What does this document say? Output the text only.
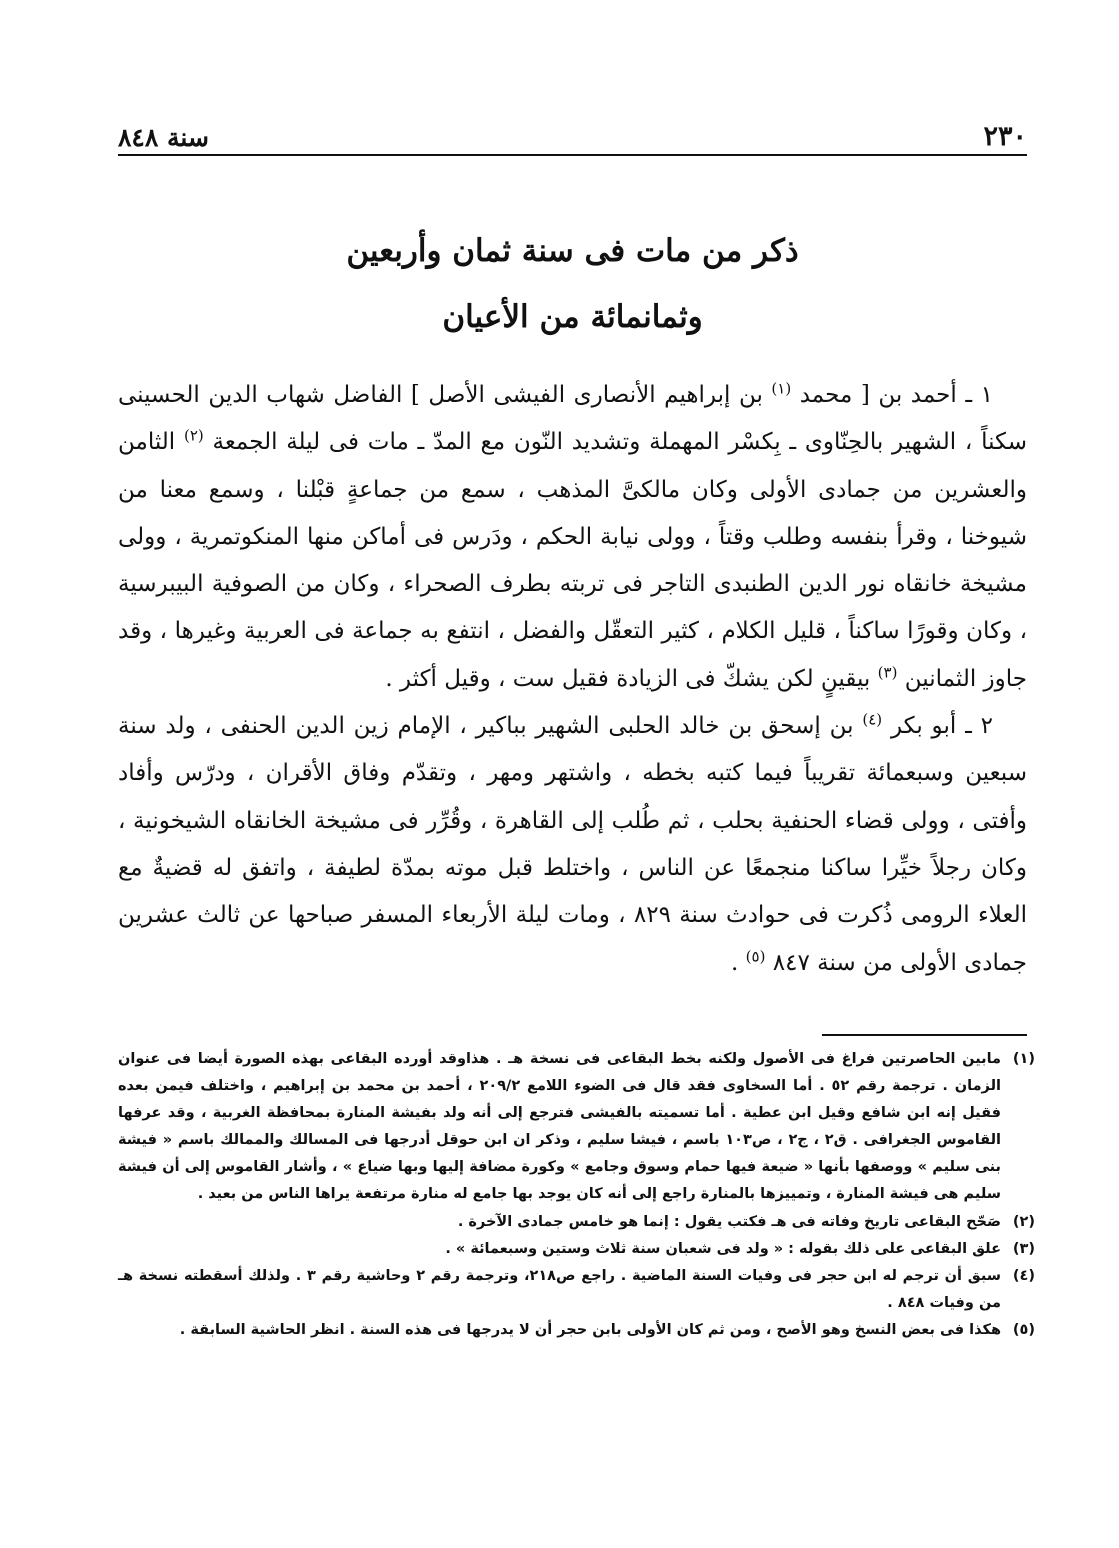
٢٣٠
سنة ٨٤٨
ذكر من مات فى سنة ثمان وأربعين
وثمانمائة من الأعيان

١ ـ أحمد بن [ محمد $^{(١)}$ بن إبراهيم الأنصارى الفيشى الأصل ] الفاضل شهاب الدين الحسينى سكناً ، الشهير بالحِنّاوى ـ بِكسْر المهملة وتشديد النّون مع المدّ ـ مات فى ليلة الجمعة $^{(٢)}$ الثامن والعشرين من جمادى الأولى وكان مالكىَّ المذهب ، سمع من جماعةٍ قبْلنا ، وسمع معنا من شيوخنا ، وقرأ بنفسه وطلب وقتاً ، وولى نيابة الحكم ، ودَرس فى أماكن منها المنكوتمرية ، وولى مشيخة خانقاه نور الدين الطنبدى التاجر فى تربته بطرف الصحراء ، وكان من الصوفية البيبرسية ، وكان وقورًا ساكناً ، قليل الكلام ، كثير التعقّل والفضل ، انتفع به جماعة فى العربية وغيرها ، وقد جاوز الثمانين $^{(٣)}$ بيقينٍ لكن يشكّ فى الزيادة فقيل ست ، وقيل أكثر .

٢ ـ أبو بكر $^{(٤)}$ بن إسحق بن خالد الحلبى الشهير بباكير ، الإمام زين الدين الحنفى ، ولد سنة سبعين وسبعمائة تقريباً فيما كتبه بخطه ، واشتهر ومهر ، وتقدّم وفاق الأقران ، ودرّس وأفاد وأفتى ، وولى قضاء الحنفية بحلب ، ثم طُلب إلى القاهرة ، وقُرِّر فى مشيخة الخانقاه الشيخونية ، وكان رجلاً خيِّرا ساكنا منجمعًا عن الناس ، واختلط قبل موته بمدّة لطيفة ، واتفق له قضيةٌ مع العلاء الرومى ذُكرت فى حوادث سنة ٨٢٩ ، ومات ليلة الأربعاء المسفر صباحها عن ثالث عشرين جمادى الأولى من سنة ٨٤٧ $^{(٥)}$ .

(١)مابين الحاصرتين فراغ فى الأصول ولكنه بخط البقاعى فى نسخة هـ . هذاوقد أورده البقاعى بهذه الصورة أيضا فى عنوان الزمان . ترجمة رقم ٥٢ . أما السخاوى فقد قال فى الضوء اللامع ٢٠٩/٢ ، أحمد بن محمد بن إبراهيم ، واختلف فيمن بعده فقيل إنه ابن شافع وقيل ابن عطية . أما تسميته بالفيشى فترجع إلى أنه ولد بفيشة المنارة بمحافظة الغربية ، وقد عرفها القاموس الجغرافى . ق٢ ، ج٢ ، ص١٠٣ باسم ، فيشا سليم ، وذكر ان ابن حوقل أدرجها فى المسالك والممالك باسم « فيشة بنى سليم » ووصفها بأنها « ضيعة فيها حمام وسوق وجامع » وكورة مضافة إليها وبها ضياع » ، وأشار القاموس إلى أن فيشة سليم هى فيشة المنارة ، وتمييزها بالمنارة راجع إلى أنه كان يوجد بها جامع له منارة مرتفعة يراها الناس من بعيد .

(٢)صَحّح البقاعى تاريخ وفاته فى هـ فكتب يقول : إنما هو خامس جمادى الآخرة .

(٣)علق البقاعى على ذلك بقوله : « ولد فى شعبان سنة ثلاث وستين وسبعمائة » .

(٤)سبق أن ترجم له ابن حجر فى وفيات السنة الماضية . راجع ص٢١٨، وترجمة رقم ٢ وحاشية رقم ٣ . ولذلك أسقطته نسخة هـ من وفيات ٨٤٨ .

(٥)هكذا فى بعض النسخ وهو الأصح ، ومن ثم كان الأولى بابن حجر أن لا يدرجها فى هذه السنة . انظر الحاشية السابقة .
